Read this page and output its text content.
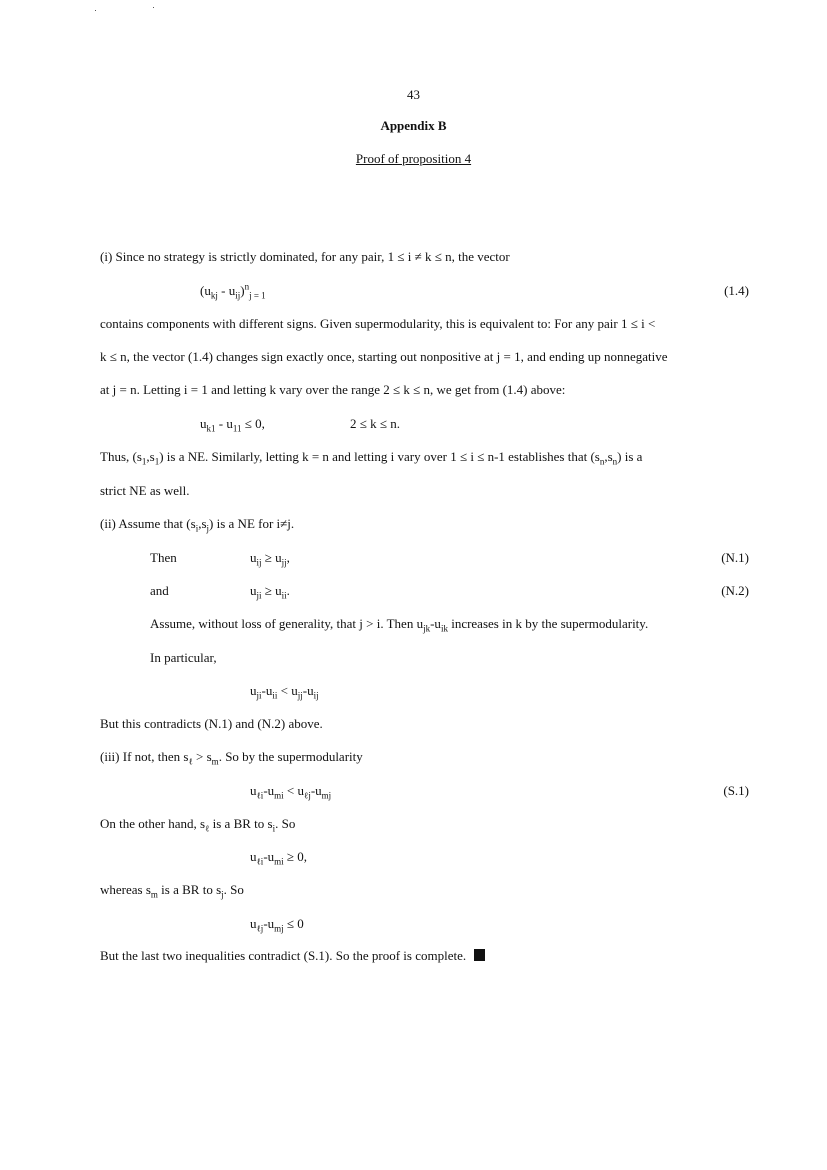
43
Appendix B
Proof of proposition 4
(i) Since no strategy is strictly dominated, for any pair, 1 ≤ i ≠ k ≤ n, the vector
$(u_{kj} - u_{ij})^n_{j = 1}$	(1.4)
contains components with different signs. Given supermodularity, this is equivalent to: For any pair 1 ≤ i <
k ≤ n, the vector (1.4) changes sign exactly once, starting out nonpositive at j = 1, and ending up nonnegative
at j = n. Letting i = 1 and letting k vary over the range 2 ≤ k ≤ n, we get from (1.4) above:
$u_{k1} - u_{11} \le 0$,	2 ≤ k ≤ n.
Thus, $(s_1,s_1)$ is a NE. Similarly, letting k = n and letting i vary over 1 ≤ i ≤ n-1 establishes that $(s_n,s_n)$ is a
strict NE as well.
(ii) Assume that $(s_i,s_j)$ is a NE for i≠j.
Then	$u_{ij} \ge u_{jj}$,	(N.1)
and	$u_{ji} \ge u_{ii}$.	(N.2)
Assume, without loss of generality, that j > i. Then $u_{jk}-u_{ik}$ increases in k by the supermodularity.
In particular,
$u_{ji}-u_{ii} < u_{jj}-u_{ij}$
But this contradicts (N.1) and (N.2) above.
(iii) If not, then $s_\ell > s_m$. So by the supermodularity
$u_{\ell i}-u_{mi} < u_{\ell j}-u_{mj}$	(S.1)
On the other hand, $s_\ell$ is a BR to $s_i$. So
$u_{\ell i}-u_{mi} \ge 0$,
whereas $s_m$ is a BR to $s_j$. So
$u_{\ell j}-u_{mj} \le 0$
But the last two inequalities contradict (S.1). So the proof is complete.
